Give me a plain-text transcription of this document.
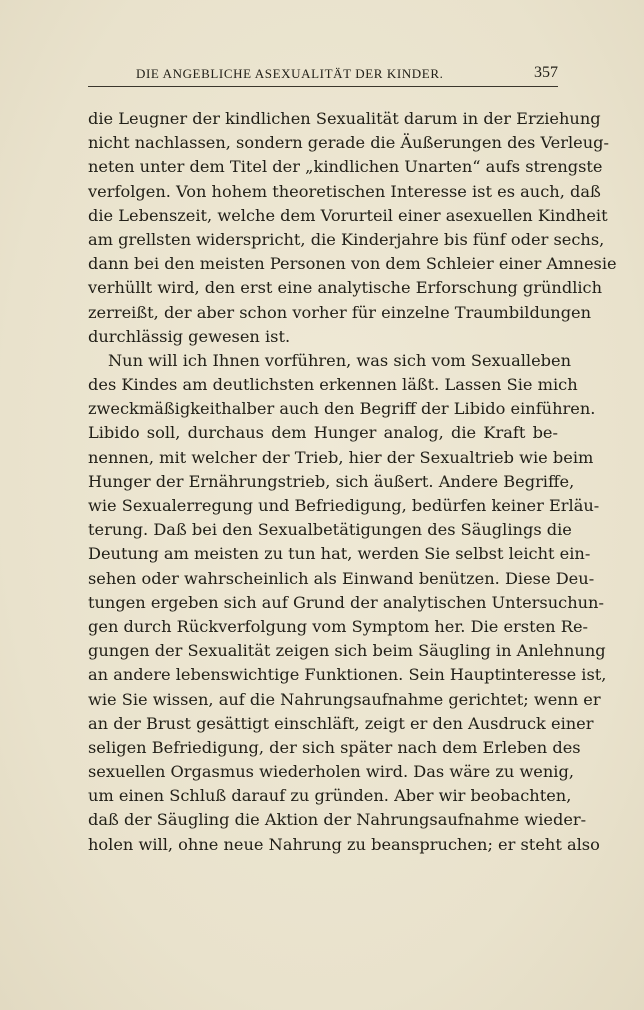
DIE ANGEBLICHE ASEXUALITÄT DER KINDER.	357
die Leugner der kindlichen Sexualität darum in der Erziehung
nicht nachlassen, sondern gerade die Äußerungen des Verleug-
neten unter dem Titel der „kindlichen Unarten“ aufs strengste
verfolgen. Von hohem theoretischen Interesse ist es auch, daß
die Lebenszeit, welche dem Vorurteil einer asexuellen Kindheit
am grellsten widerspricht, die Kinderjahre bis fünf oder sechs,
dann bei den meisten Personen von dem Schleier einer Amnesie
verhüllt wird, den erst eine analytische Erforschung gründlich
zerreißt, der aber schon vorher für einzelne Traumbildungen
durchlässig gewesen ist.
Nun will ich Ihnen vorführen, was sich vom Sexualleben
des Kindes am deutlichsten erkennen läßt. Lassen Sie mich
zweckmäßigkeithalber auch den Begriff der Libido einführen.
Libido soll, durchaus dem Hunger analog, die Kraft be-
nennen, mit welcher der Trieb, hier der Sexualtrieb wie beim
Hunger der Ernährungstrieb, sich äußert. Andere Begriffe,
wie Sexualerregung und Befriedigung, bedürfen keiner Erläu-
terung. Daß bei den Sexualbetätigungen des Säuglings die
Deutung am meisten zu tun hat, werden Sie selbst leicht ein-
sehen oder wahrscheinlich als Einwand benützen. Diese Deu-
tungen ergeben sich auf Grund der analytischen Untersuchun-
gen durch Rückverfolgung vom Symptom her. Die ersten Re-
gungen der Sexualität zeigen sich beim Säugling in Anlehnung
an andere lebenswichtige Funktionen. Sein Hauptinteresse ist,
wie Sie wissen, auf die Nahrungsaufnahme gerichtet; wenn er
an der Brust gesättigt einschläft, zeigt er den Ausdruck einer
seligen Befriedigung, der sich später nach dem Erleben des
sexuellen Orgasmus wiederholen wird. Das wäre zu wenig,
um einen Schluß darauf zu gründen. Aber wir beobachten,
daß der Säugling die Aktion der Nahrungsaufnahme wieder-
holen will, ohne neue Nahrung zu beanspruchen; er steht also
